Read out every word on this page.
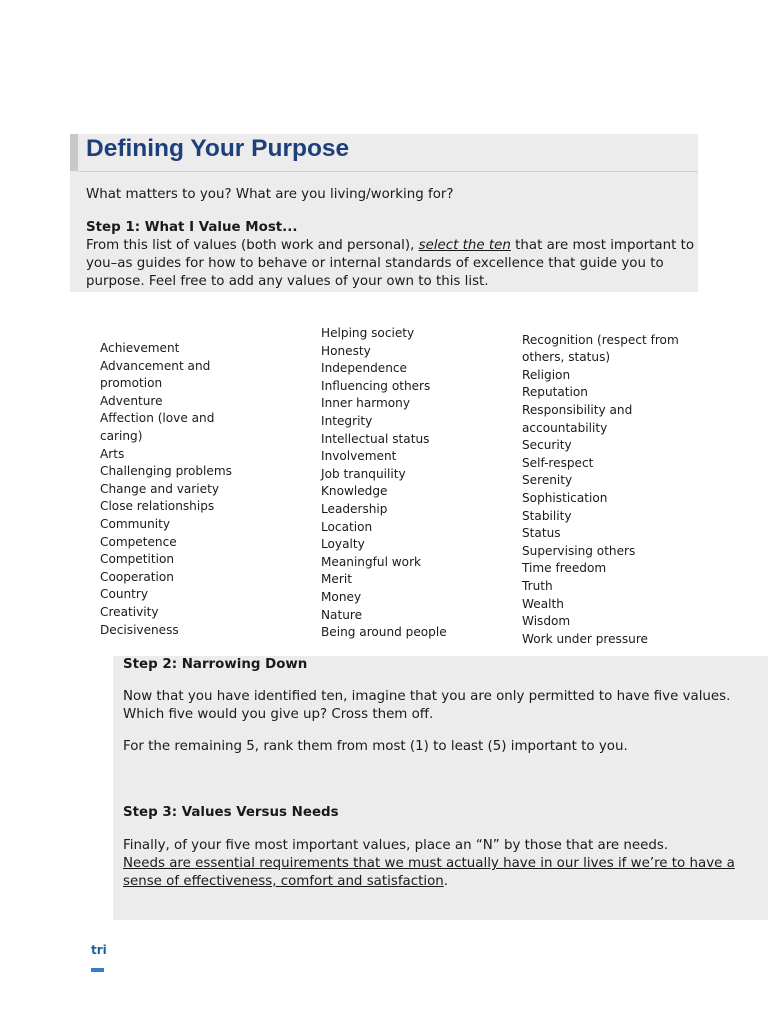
Defining Your Purpose

What matters to you? What are you living/working for?

Step 1: What I Value Most...

From this list of values (both work and personal), select the ten that are most important to you–as guides for how to behave or internal standards of excellence that guide you to purpose. Feel free to add any values of your own to this list.

Achievement
Advancement and promotion
Adventure
Affection (love and caring)
Arts
Challenging problems
Change and variety
Close relationships
Community
Competence
Competition
Cooperation
Country
Creativity
Decisiveness
Helping society
Honesty
Independence
Influencing others
Inner harmony
Integrity
Intellectual status
Involvement
Job tranquility
Knowledge
Leadership
Location
Loyalty
Meaningful work
Merit
Money
Nature
Being around people
Recognition (respect from others, status)
Religion
Reputation
Responsibility and accountability
Security
Self-respect
Serenity
Sophistication
Stability
Status
Supervising others
Time freedom
Truth
Wealth
Wisdom
Work under pressure

Step 2: Narrowing Down

Now that you have identified ten, imagine that you are only permitted to have five values. Which five would you give up? Cross them off.

For the remaining 5, rank them from most (1) to least (5) important to you.

Step 3: Values Versus Needs

Finally, of your five most important values, place an “N” by those that are needs.

Needs are essential requirements that we must actually have in our lives if we’re to have a sense of effectiveness, comfort and satisfaction.

tri
